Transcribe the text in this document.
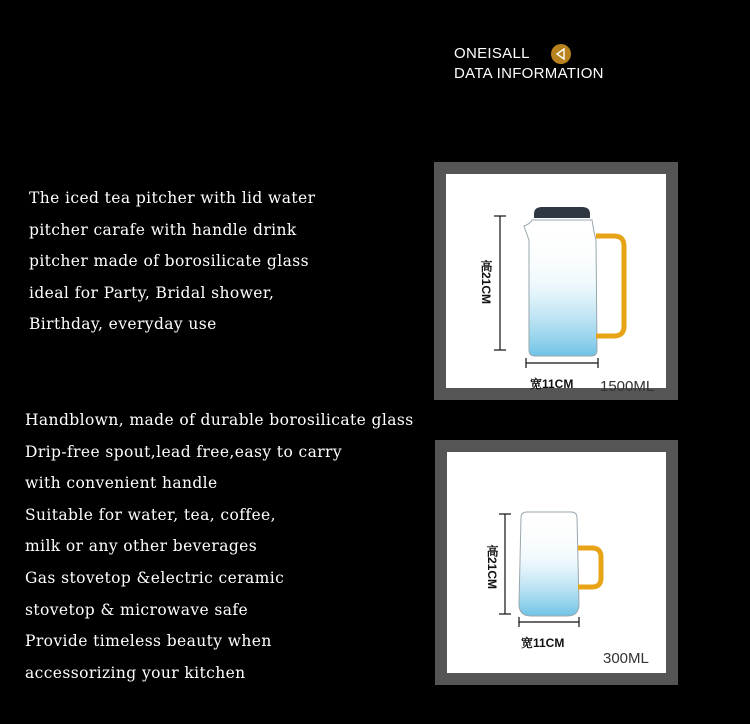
ONEISALL
DATA INFORMATION
The iced tea pitcher with lid water
pitcher carafe with handle drink
pitcher made of borosilicate glass
ideal for Party, Bridal shower,
Birthday, everyday use
Handblown, made of durable borosilicate glass
Drip-free spout,lead free,easy to carry
with convenient handle
Suitable for water, tea, coffee,
milk or any other beverages
Gas stovetop &electric ceramic
stovetop & microwave safe
Provide timeless beauty when
accessorizing your kitchen
高21CM
宽11CM 1500ML
高21CM
宽11CM
300ML
